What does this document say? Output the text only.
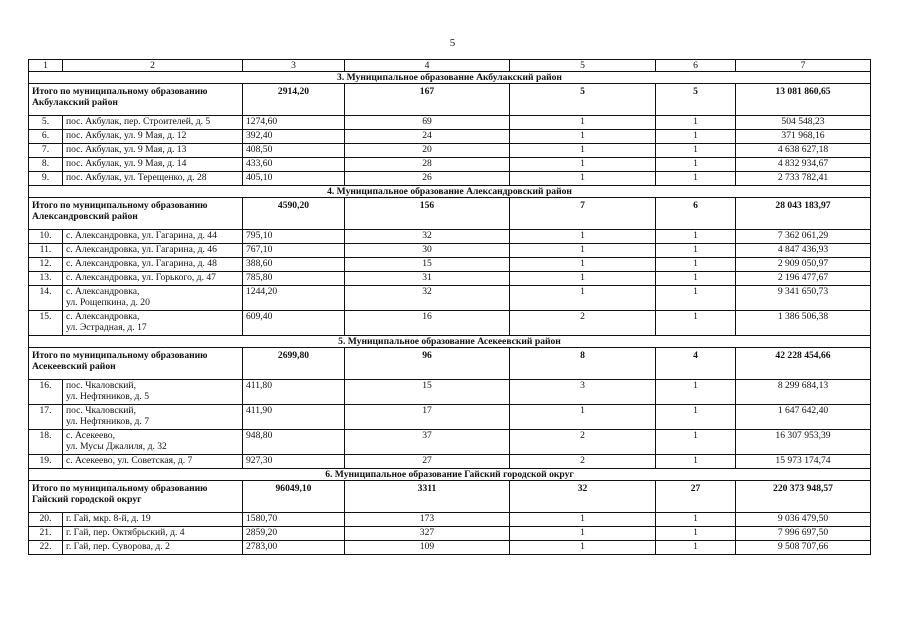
5
1	2	3	4	5	6	7
3. Муниципальное образование Акбулакский район						
Итого по муниципальному образованию Акбулакский район		2914,20	167	5	5	13 081 860,65
5.	пос. Акбулак, пер. Строителей, д. 5	1274,60	69	1	1	504 548,23
6.	пос. Акбулак, ул. 9 Мая, д. 12	392,40	24	1	1	371 968,16
7.	пос. Акбулак, ул. 9 Мая, д. 13	408,50	20	1	1	4 638 627,18
8.	пос. Акбулак, ул. 9 Мая, д. 14	433,60	28	1	1	4 832 934,67
9.	пос. Акбулак, ул. Терещенко, д. 28	405,10	26	1	1	2 733 782,41
4. Муниципальное образование Александровский район						
Итого по муниципальному образованию Александровский район		4590,20	156	7	6	28 043 183,97
10.	с. Александровка, ул. Гагарина, д. 44	795,10	32	1	1	7 362 061,29
11.	с. Александровка, ул. Гагарина, д. 46	767,10	30	1	1	4 847 436,93
12.	с. Александровка, ул. Гагарина, д. 48	388,60	15	1	1	2 909 050,97
13.	с. Александровка, ул. Горького, д. 47	785,80	31	1	1	2 196 477,67
14.	с. Александровка,
ул. Рощепкина, д. 20	1244,20	32	1	1	9 341 650,73
15.	с. Александровка,
ул. Эстрадная, д. 17	609,40	16	2	1	1 386 506,38
5. Муниципальное образование Асекеевский район						
Итого по муниципальному образованию Асекеевский район		2699,80	96	8	4	42 228 454,66
16.	пос. Чкаловский,
ул. Нефтяников, д. 5	411,80	15	3	1	8 299 684,13
17.	пос. Чкаловский,
ул. Нефтяников, д. 7	411,90	17	1	1	1 647 642,40
18.	с. Асекеево,
ул. Мусы Джалиля, д. 32	948,80	37	2	1	16 307 953,39
19.	с. Асекеево, ул. Советская, д. 7	927,30	27	2	1	15 973 174,74
6. Муниципальное образование Гайский городской округ						
Итого по муниципальному образованию Гайский городской округ		96049,10	3311	32	27	220 373 948,57
20.	г. Гай, мкр. 8-й, д. 19	1580,70	173	1	1	9 036 479,50
21.	г. Гай, пер. Октябрьский, д. 4	2859,20	327	1	1	7 996 697,50
22.	г. Гай, пер. Суворова, д. 2	2783,00	109	1	1	9 508 707,66
